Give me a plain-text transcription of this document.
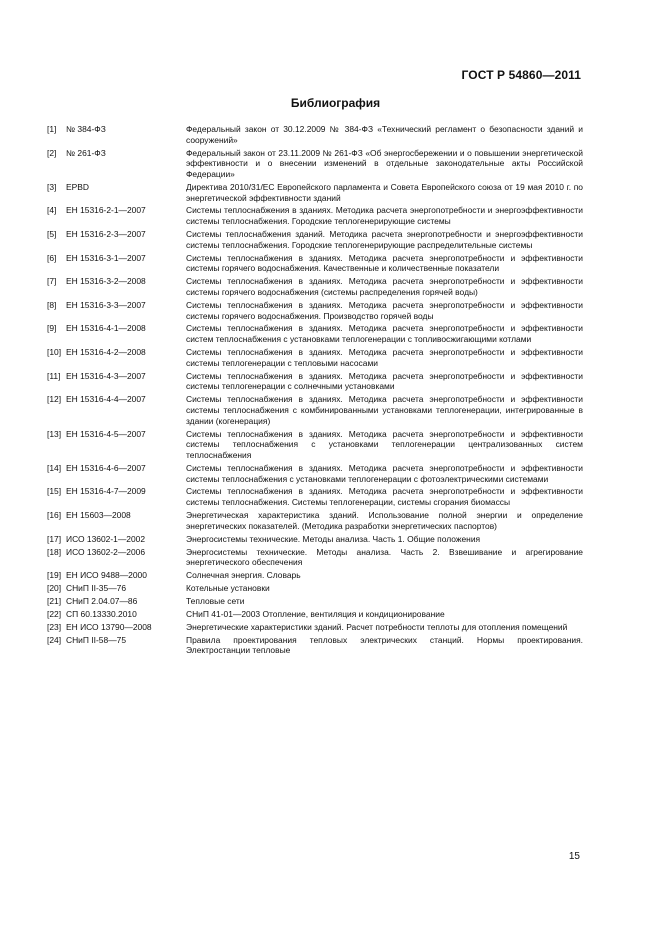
ГОСТ Р 54860—2011
Библиография
[1]	№ 384-ФЗ	Федеральный закон от 30.12.2009 № 384-ФЗ «Технический регламент о безопасности зданий и сооружений»
[2]	№ 261-ФЗ	Федеральный закон от 23.11.2009 № 261-ФЗ «Об энергосбережении и о повышении энергетической эффективности и о внесении изменений в отдельные законодательные акты Российской Федерации»
[3]	EPBD	Директива 2010/31/ЕС Европейского парламента и Совета Европейского союза от 19 мая 2010 г. по энергетической эффективности зданий
[4]	ЕН 15316-2-1—2007	Системы теплоснабжения в зданиях. Методика расчета энергопотребности и энергоэффективности системы теплоснабжения. Городские теплогенерирующие системы
[5]	ЕН 15316-2-3—2007	Системы теплоснабжения зданий. Методика расчета энергопотребности и энергоэффективности системы теплоснабжения. Городские теплогенерирующие распределительные системы
[6]	ЕН 15316-3-1—2007	Системы теплоснабжения в зданиях. Методика расчета энергопотребности и эффективности системы горячего водоснабжения. Качественные и количественные показатели
[7]	ЕН 15316-3-2—2008	Системы теплоснабжения в зданиях. Методика расчета энергопотребности и эффективности системы горячего водоснабжения (системы распределения горячей воды)
[8]	ЕН 15316-3-3—2007	Системы теплоснабжения в зданиях. Методика расчета энергопотребности и эффективности системы горячего водоснабжения. Производство горячей воды
[9]	ЕН 15316-4-1—2008	Системы теплоснабжения в зданиях. Методика расчета энергопотребности и эффективности систем теплоснабжения с установками теплогенерации с топливосжигающими котлами
[10] ЕН 15316-4-2—2008	Системы теплоснабжения в зданиях. Методика расчета энергопотребности и эффективности системы теплогенерации с тепловыми насосами
[11] ЕН 15316-4-3—2007	Системы теплоснабжения в зданиях. Методика расчета энергопотребности и эффективности системы теплогенерации с солнечными установками
[12] ЕН 15316-4-4—2007	Системы теплоснабжения в зданиях. Методика расчета энергопотребности и эффективности системы теплоснабжения с комбинированными установками теплогенерации, интегрированные в здании (когенерация)
[13] ЕН 15316-4-5—2007	Системы теплоснабжения в зданиях. Методика расчета энергопотребности и эффективности системы теплоснабжения с установками теплогенерации централизованных систем теплоснабжения
[14] ЕН 15316-4-6—2007	Системы теплоснабжения в зданиях. Методика расчета энергопотребности и эффективности системы теплоснабжения с установками теплогенерации с фотоэлектрическими системами
[15] ЕН 15316-4-7—2009	Системы теплоснабжения в зданиях. Методика расчета энергопотребности и эффективности системы теплоснабжения. Системы теплогенерации, системы сгорания биомассы
[16] ЕН 15603—2008	Энергетическая характеристика зданий. Использование полной энергии и определение энергетических показателей. (Методика разработки энергетических паспортов)
[17] ИСО 13602-1—2002	Энергосистемы технические. Методы анализа. Часть 1. Общие положения
[18] ИСО 13602-2—2006	Энергосистемы технические. Методы анализа. Часть 2. Взвешивание и агрегирование энергетического обеспечения
[19] ЕН ИСО 9488—2000	Солнечная энергия. Словарь
[20] СНиП II-35—76	Котельные установки
[21] СНиП 2.04.07—86	Тепловые сети
[22] СП 60.13330.2010	СНиП 41-01—2003 Отопление, вентиляция и кондиционирование
[23] ЕН ИСО 13790—2008	Энергетические характеристики зданий. Расчет потребности теплоты для отопления помещений
[24] СНиП II-58—75	Правила проектирования тепловых электрических станций. Нормы проектирования. Электростанции тепловые
15
